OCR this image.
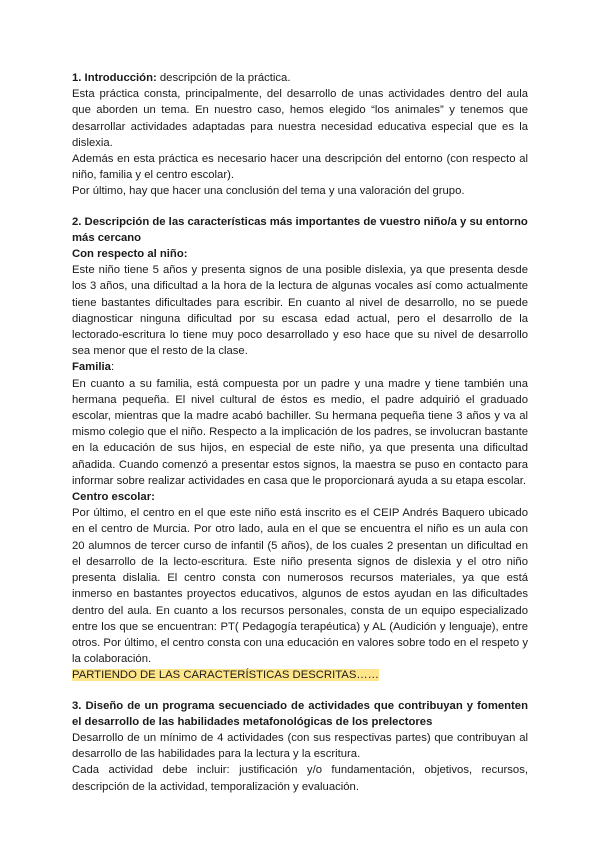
1. Introducción: descripción de la práctica.

Esta práctica consta, principalmente, del desarrollo de unas actividades dentro del aula que aborden un tema. En nuestro caso, hemos elegido “los animales” y tenemos que desarrollar actividades adaptadas para nuestra necesidad educativa especial que es la dislexia.

Además en esta práctica es necesario hacer una descripción del entorno (con respecto al niño, familia y el centro escolar).

Por último, hay que hacer una conclusión del tema y una valoración del grupo.

2. Descripción de las características más importantes de vuestro niño/a y su entorno más cercano

Con respecto al niño:

Este niño tiene 5 años y presenta signos de una posible dislexia, ya que presenta desde los 3 años, una dificultad a la hora de la lectura de algunas vocales así como actualmente tiene bastantes dificultades para escribir. En cuanto al nivel de desarrollo, no se puede diagnosticar ninguna dificultad por su escasa edad actual, pero el desarrollo de la lectorado-escritura lo tiene muy poco desarrollado y eso hace que su nivel de desarrollo sea menor que el resto de la clase.

Familia:

En cuanto a su familia, está compuesta por un padre y una madre y tiene también una hermana pequeña. El nivel cultural de éstos es medio, el padre adquirió el graduado escolar, mientras que la madre acabó bachiller. Su hermana pequeña tiene 3 años y va al mismo colegio que el niño. Respecto a la implicación de los padres, se involucran bastante en la educación de sus hijos, en especial de este niño, ya que presenta una dificultad añadida. Cuando comenzó a presentar estos signos, la maestra se puso en contacto para informar sobre realizar actividades en casa que le proporcionará ayuda a su etapa escolar.

Centro escolar:

Por último, el centro en el que este niño está inscrito es el CEIP Andrés Baquero ubicado en el centro de Murcia. Por otro lado, aula en el que se encuentra el niño es un aula con 20 alumnos de tercer curso de infantil (5 años), de los cuales 2 presentan un dificultad en el desarrollo de la lecto-escritura. Este niño presenta signos de dislexia y el otro niño presenta dislalia. El centro consta con numerosos recursos materiales, ya que está inmerso en bastantes proyectos educativos, algunos de estos ayudan en las dificultades dentro del aula. En cuanto a los recursos personales, consta de un equipo especializado entre los que se encuentran: PT( Pedagogía terapéutica) y AL (Audición y lenguaje), entre otros. Por último, el centro consta con una educación en valores sobre todo en el respeto y la colaboración.

PARTIENDO DE LAS CARACTERÍSTICAS DESCRITAS……

3. Diseño de un programa secuenciado de actividades que contribuyan y fomenten el desarrollo de las habilidades metafonológicas de los prelectores

Desarrollo de un mínimo de 4 actividades (con sus respectivas partes) que contribuyan al desarrollo de las habilidades para la lectura y la escritura.

Cada actividad debe incluir: justificación y/o fundamentación, objetivos, recursos, descripción de la actividad, temporalización y evaluación.
